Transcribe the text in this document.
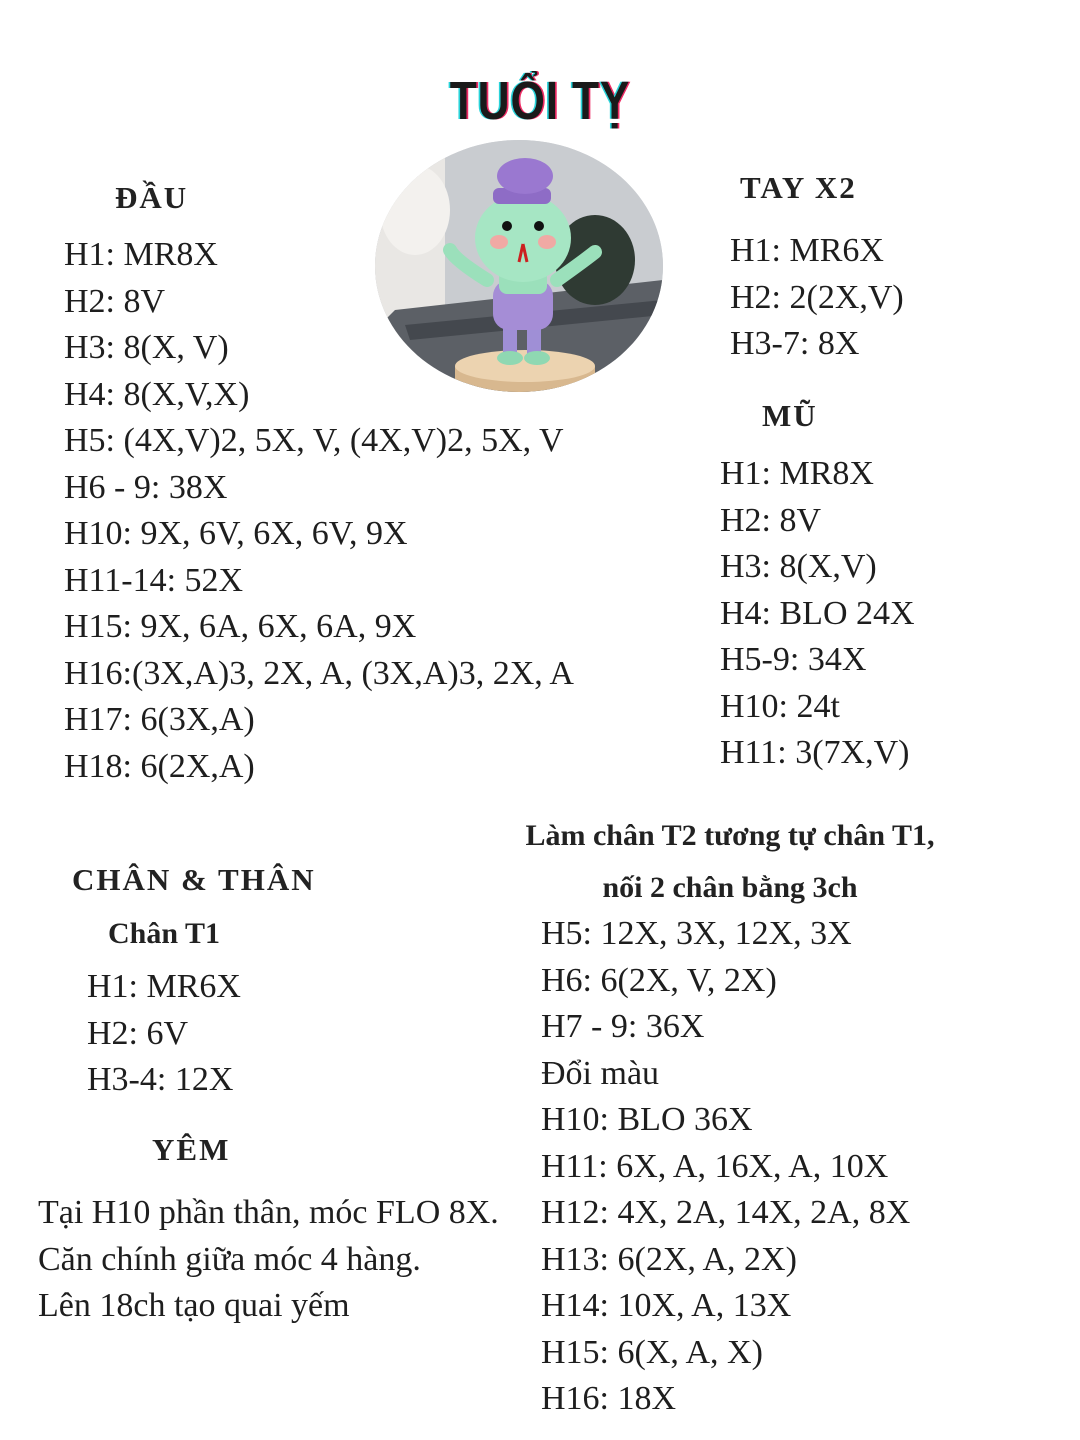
TUỔI TỴ
ĐẦU
H1: MR8X
H2: 8V
H3: 8(X, V)
H4: 8(X,V,X)
H5: (4X,V)2, 5X, V, (4X,V)2, 5X, V
H6 - 9: 38X
H10: 9X, 6V, 6X, 6V, 9X
H11-14: 52X
H15: 9X, 6A, 6X, 6A, 9X
H16:(3X,A)3, 2X, A, (3X,A)3, 2X, A
H17: 6(3X,A)
H18: 6(2X,A)
TAY X2
H1: MR6X
H2: 2(2X,V)
H3-7: 8X
MŨ
H1: MR8X
H2: 8V
H3: 8(X,V)
H4: BLO 24X
H5-9: 34X
H10: 24t
H11: 3(7X,V)
Làm chân T2 tương tự chân T1,
nối 2 chân bằng 3ch
CHÂN & THÂN
Chân T1
H1: MR6X
H2: 6V
H3-4: 12X
YÊM
Tại H10 phần thân, móc FLO 8X.
Căn chính giữa móc 4 hàng.
Lên 18ch tạo quai yếm
H5: 12X, 3X, 12X, 3X
H6: 6(2X, V, 2X)
H7 - 9: 36X
Đổi màu
H10: BLO 36X
H11: 6X, A, 16X, A, 10X
H12: 4X, 2A, 14X, 2A, 8X
H13: 6(2X, A, 2X)
H14: 10X, A, 13X
H15: 6(X, A, X)
H16: 18X
